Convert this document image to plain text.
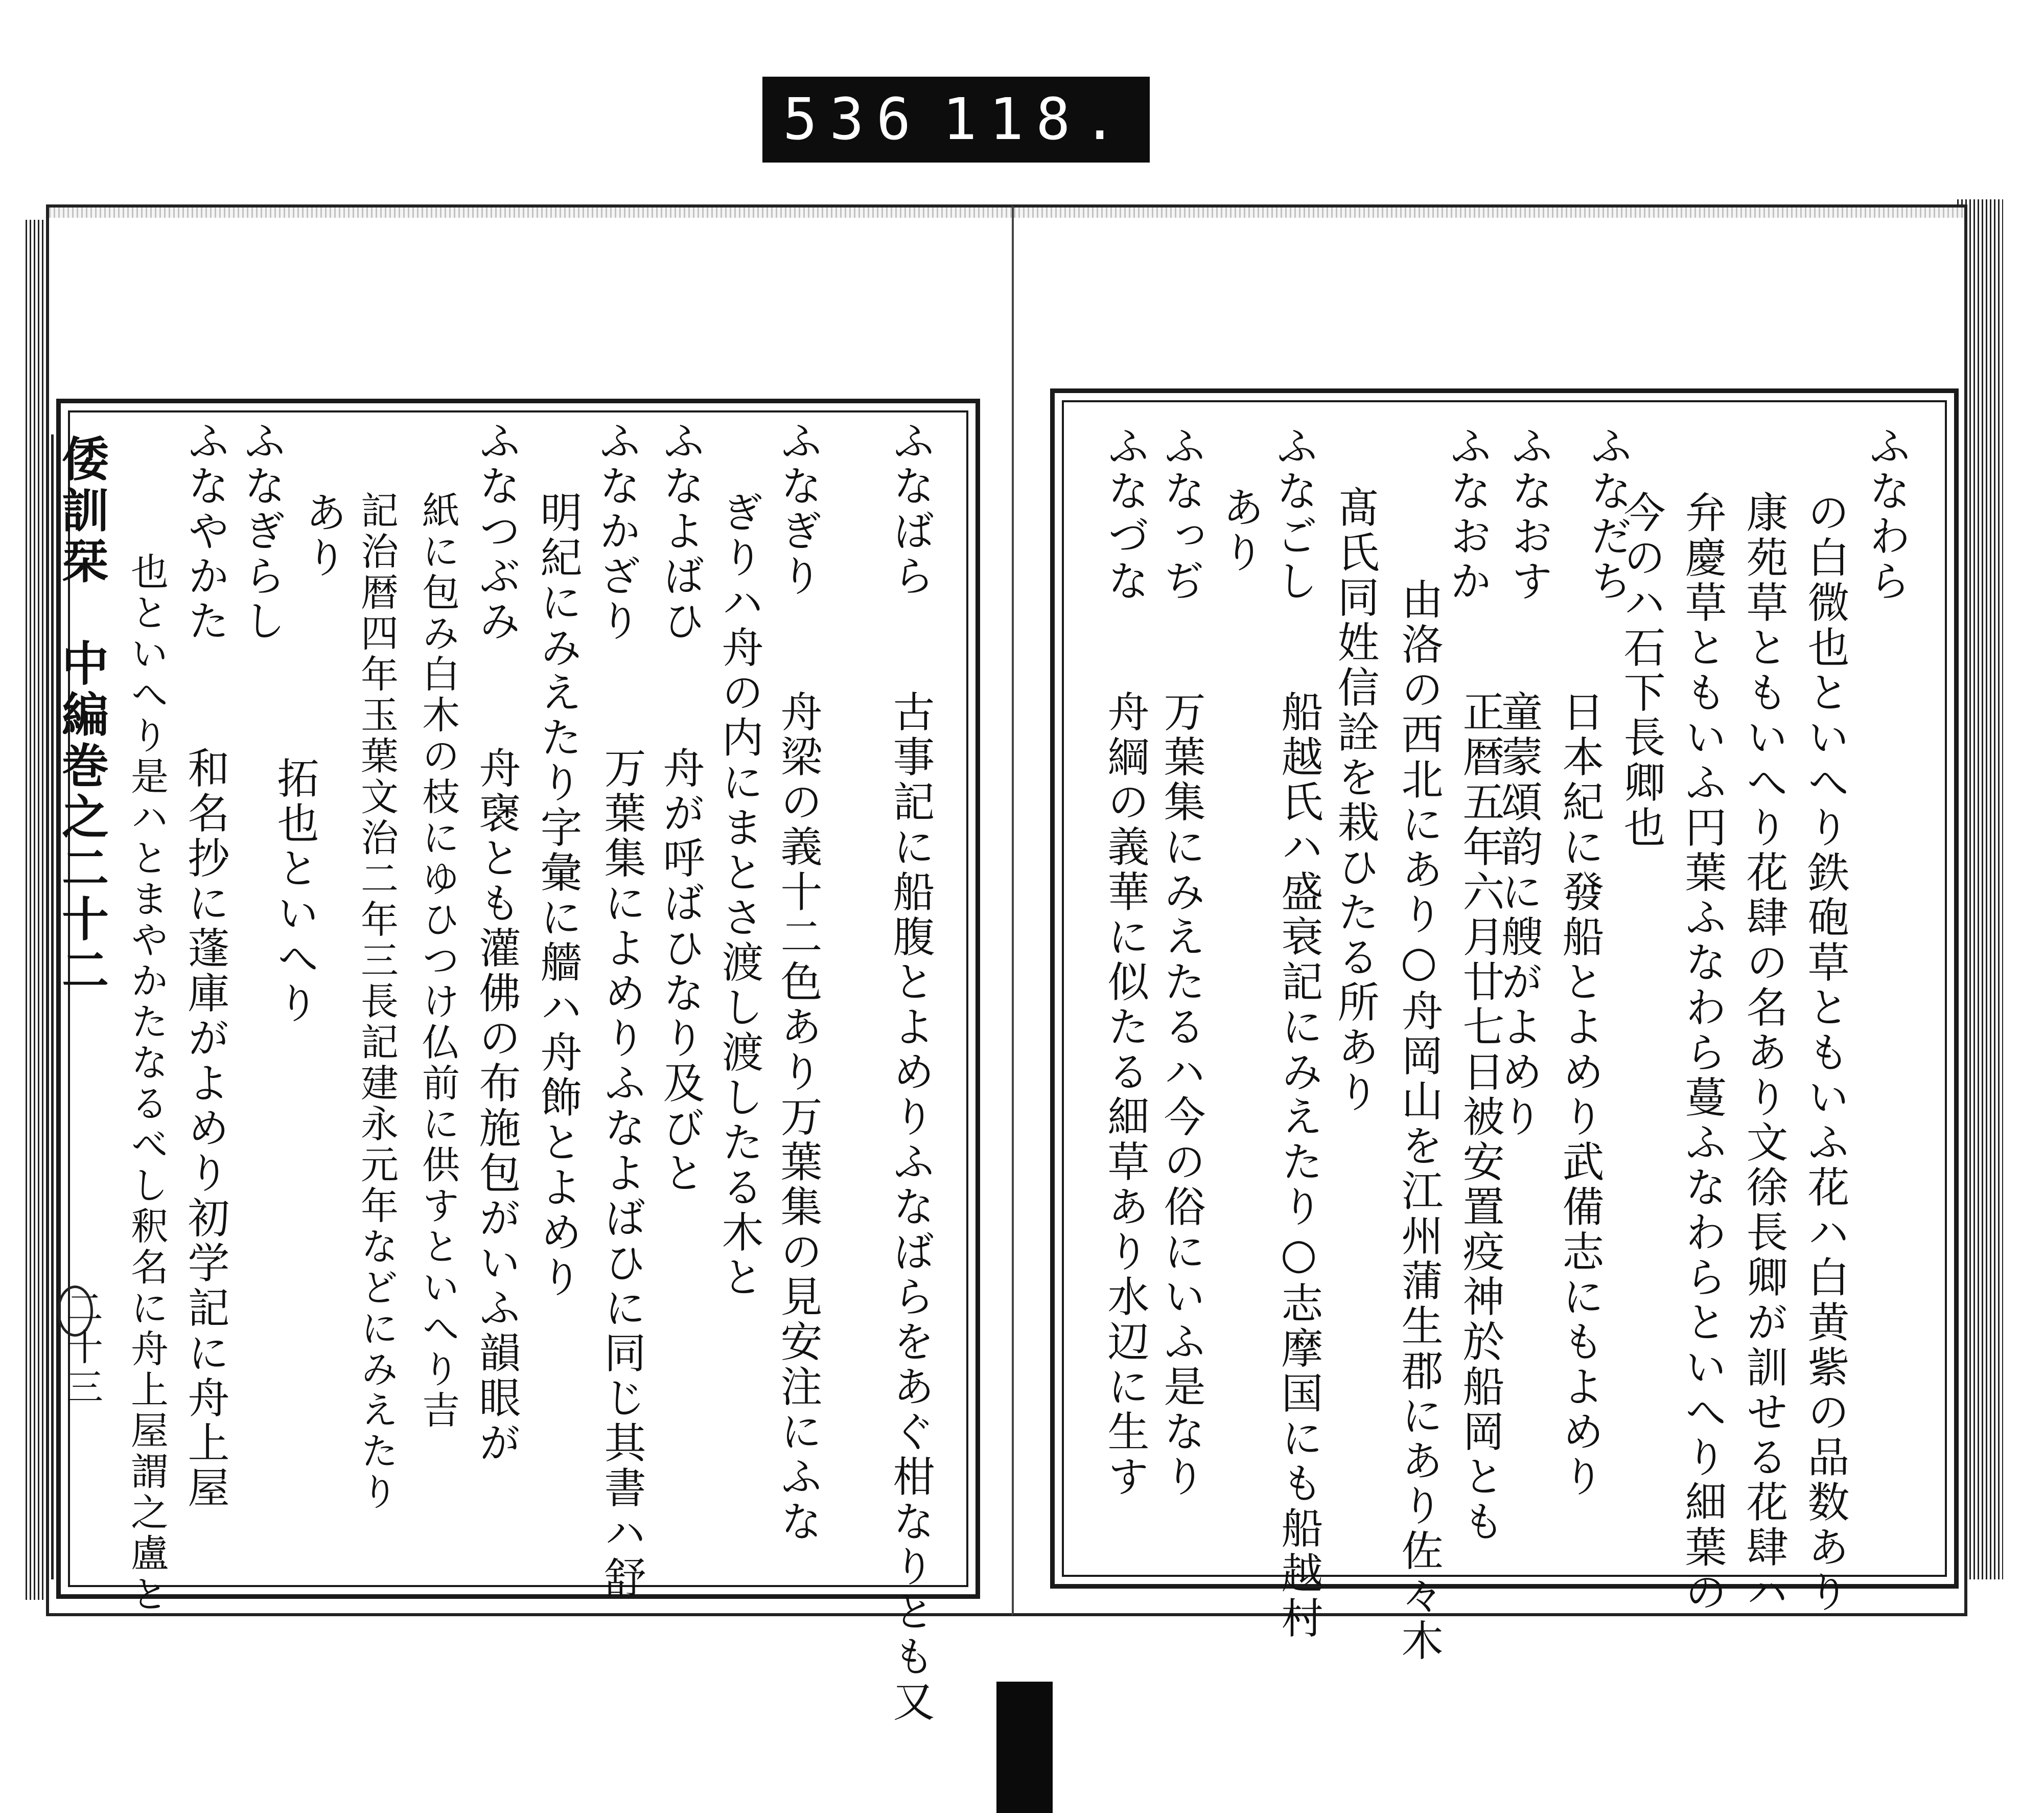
536 118.
倭訓栞　中編巻之二十二
二十三
ふなわら
の白微也といへり鉄砲草ともいふ花ハ白黄紫の品数あり
康苑草ともいへり花肆の名あり文徐長卿が訓せる花肆ハ
弁慶草ともいふ円葉ふなわら蔓ふなわらといへり細葉の
ふなだち
今のハ石下長卿也
ふなおす
日本紀に發船とよめり武備志にもよめり
ふなおか
童蒙頌韵に艘がよめり
由洛の西北にあり○舟岡山を江州蒲生郡にあり佐々木 正暦五年六月廿七日被安置疫神於船岡とも
ふなごし 髙氏同姓信詮を栽ひたる所あり
船越氏ハ盛衰記にみえたり○志摩国にも船越村
あり
ふなっぢ
ふなづな
舟綱の義華に似たる細草あり水辺に生す 万葉集にみえたるハ今の俗にいふ是なり
ふなばら
古事記に船腹とよめりふなばらをあぐ柑なりとも又
ふなぎり
舟梁の義十二色あり万葉集の見安注にふな
ぎりハ舟の内にまとさ渡し渡したる木と
ふなよばひ
舟が呼ばひなり及びと
万葉集によめりふなよばひに同じ其書ハ舒
ふなかざり
明紀にみえたり字彙に艢ハ舟飾とよめり
ふなつぶみ
舟襃とも灌佛の布施包がいふ韻眼が
紙に包み白木の枝にゆひつけ仏前に供すといへり吉
記治暦四年玉葉文治二年三長記建永元年などにみえたり
あり
ふなぎらし
拓也といへり
ふなやかた
和名抄に蓬庫がよめり初学記に舟上屋
也といへり是ハとまやかたなるべし釈名に舟上屋謂之盧と
